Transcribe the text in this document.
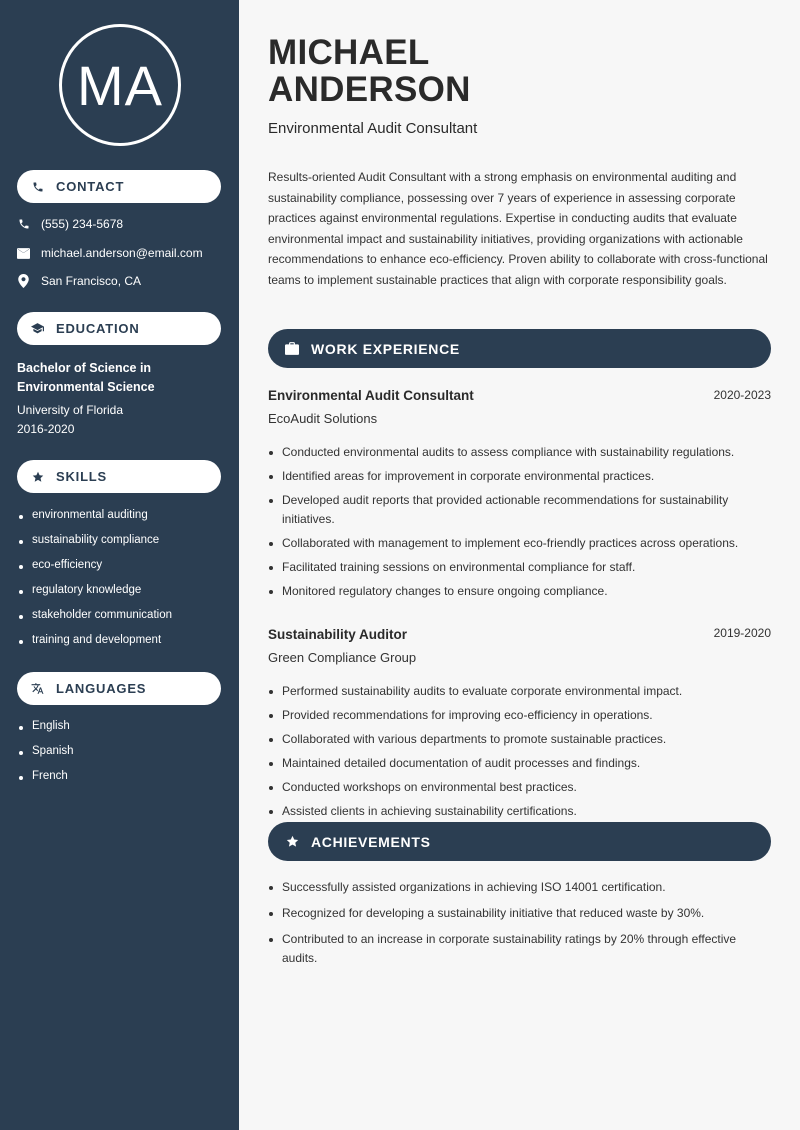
MA
CONTACT
(555) 234-5678
michael.anderson@email.com
San Francisco, CA
EDUCATION
Bachelor of Science in
Environmental Science
University of Florida
2016-2020
SKILLS
environmental auditing
sustainability compliance
eco-efficiency
regulatory knowledge
stakeholder communication
training and development
LANGUAGES
English
Spanish
French
MICHAEL
ANDERSON
Environmental Audit Consultant
Results-oriented Audit Consultant with a strong emphasis on environmental auditing and sustainability compliance, possessing over 7 years of experience in assessing corporate practices against environmental regulations. Expertise in conducting audits that evaluate environmental impact and sustainability initiatives, providing organizations with actionable recommendations to enhance eco-efficiency. Proven ability to collaborate with cross-functional teams to implement sustainable practices that align with corporate responsibility goals.
WORK EXPERIENCE
Environmental Audit Consultant	2020-2023
EcoAudit Solutions
Conducted environmental audits to assess compliance with sustainability regulations.
Identified areas for improvement in corporate environmental practices.
Developed audit reports that provided actionable recommendations for sustainability initiatives.
Collaborated with management to implement eco-friendly practices across operations.
Facilitated training sessions on environmental compliance for staff.
Monitored regulatory changes to ensure ongoing compliance.
Sustainability Auditor	2019-2020
Green Compliance Group
Performed sustainability audits to evaluate corporate environmental impact.
Provided recommendations for improving eco-efficiency in operations.
Collaborated with various departments to promote sustainable practices.
Maintained detailed documentation of audit processes and findings.
Conducted workshops on environmental best practices.
Assisted clients in achieving sustainability certifications.
ACHIEVEMENTS
Successfully assisted organizations in achieving ISO 14001 certification.
Recognized for developing a sustainability initiative that reduced waste by 30%.
Contributed to an increase in corporate sustainability ratings by 20% through effective audits.
